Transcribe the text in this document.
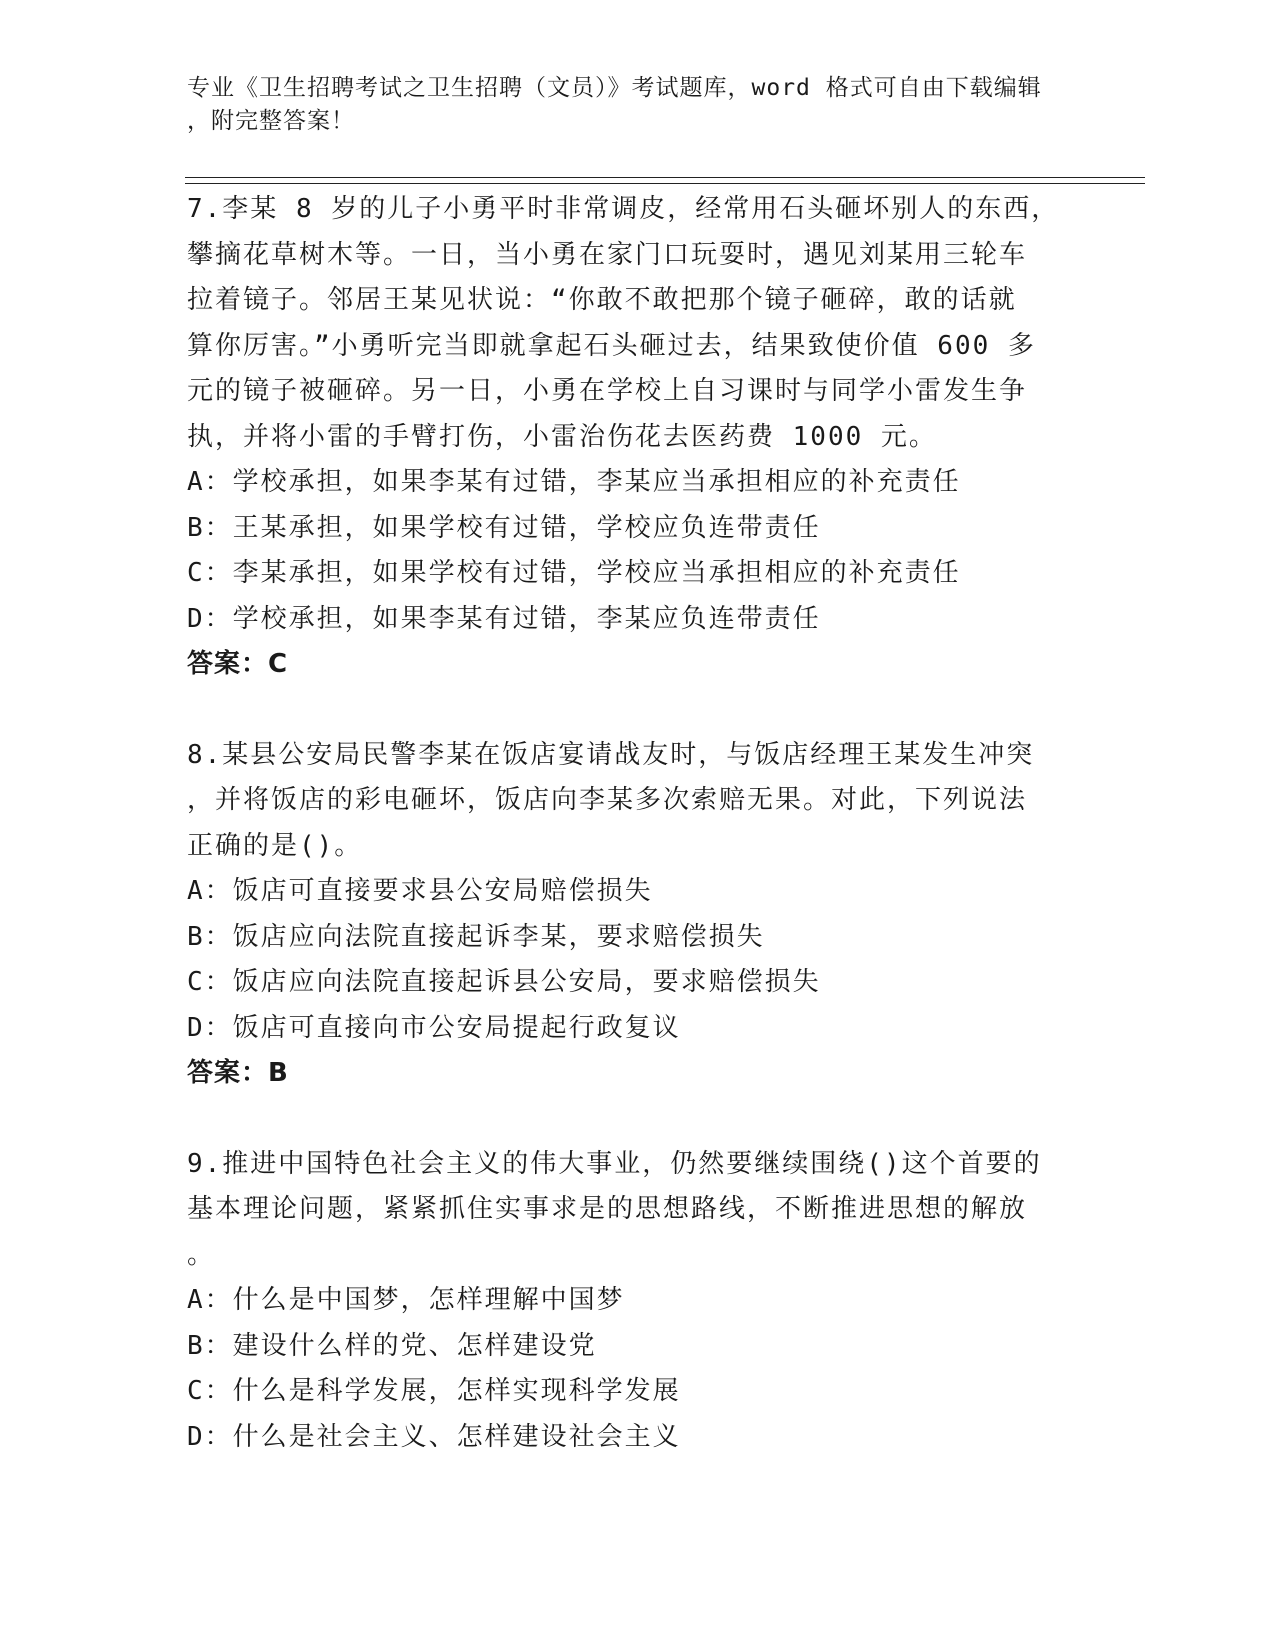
专业《卫生招聘考试之卫生招聘（文员）》考试题库，word 格式可自由下载编辑
，附完整答案！
7.李某 8 岁的儿子小勇平时非常调皮，经常用石头砸坏别人的东西，
攀摘花草树木等。一日，当小勇在家门口玩耍时，遇见刘某用三轮车
拉着镜子。邻居王某见状说：“你敢不敢把那个镜子砸碎，敢的话就
算你厉害。”小勇听完当即就拿起石头砸过去，结果致使价值 600 多
元的镜子被砸碎。另一日，小勇在学校上自习课时与同学小雷发生争
执，并将小雷的手臂打伤，小雷治伤花去医药费 1000 元。
A：学校承担，如果李某有过错，李某应当承担相应的补充责任
B：王某承担，如果学校有过错，学校应负连带责任
C：李某承担，如果学校有过错，学校应当承担相应的补充责任
D：学校承担，如果李某有过错，李某应负连带责任
答案：C
8.某县公安局民警李某在饭店宴请战友时，与饭店经理王某发生冲突
，并将饭店的彩电砸坏，饭店向李某多次索赔无果。对此，下列说法
正确的是()。
A：饭店可直接要求县公安局赔偿损失
B：饭店应向法院直接起诉李某，要求赔偿损失
C：饭店应向法院直接起诉县公安局，要求赔偿损失
D：饭店可直接向市公安局提起行政复议
答案：B
9.推进中国特色社会主义的伟大事业，仍然要继续围绕()这个首要的
基本理论问题，紧紧抓住实事求是的思想路线，不断推进思想的解放
。
A：什么是中国梦，怎样理解中国梦
B：建设什么样的党、怎样建设党
C：什么是科学发展，怎样实现科学发展
D：什么是社会主义、怎样建设社会主义
